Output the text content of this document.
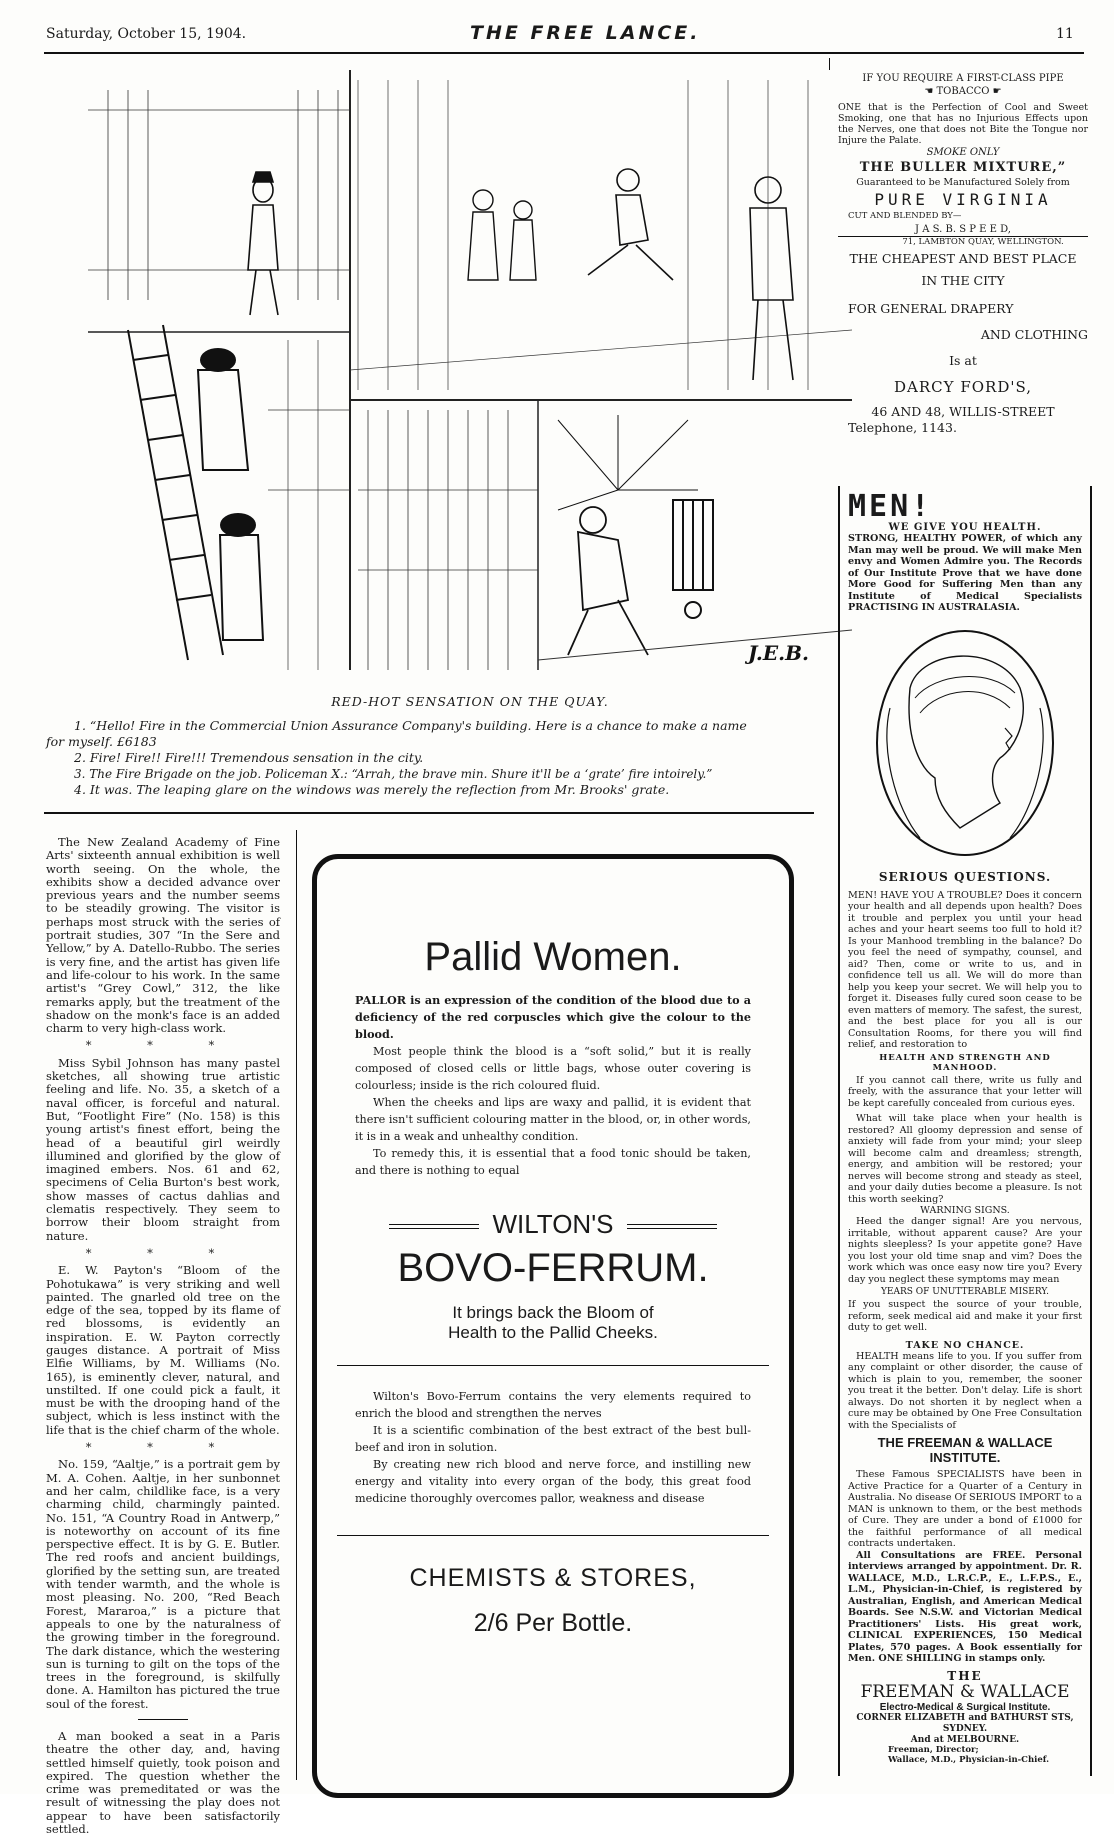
Saturday, October 15, 1904.	THE FREE LANCE.	11
J.E.B.
RED-HOT SENSATION ON THE QUAY.
1. “Hello! Fire in the Commercial Union Assurance Company's building. Here is a chance to make a name
for myself. £6183
2. Fire! Fire!! Fire!!! Tremendous sensation in the city.
3. The Fire Brigade on the job. Policeman X.: “Arrah, the brave min. Shure it'll be a ‘grate’ fire intoirely.”
4. It was. The leaping glare on the windows was merely the reflection from Mr. Brooks' grate.
IF YOU REQUIRE A FIRST-CLASS PIPE
☚ TOBACCO ☛
ONE that is the Perfection of Cool and Sweet Smoking, one that has no Injurious Effects upon the Nerves, one that does not Bite the Tongue nor Injure the Palate.
SMOKE ONLY
THE BULLER MIXTURE,”
Guaranteed to be Manufactured Solely from
PURE VIRGINIA
CUT AND BLENDED BY—
J A S. B. S P E E D,
71, LAMBTON QUAY, WELLINGTON.
THE CHEAPEST AND BEST PLACE
IN THE CITY
FOR GENERAL DRAPERY
AND CLOTHING
Is at
DARCY FORD'S,
46 AND 48, WILLIS-STREET
Telephone, 1143.

The New Zealand Academy of Fine Arts' sixteenth annual exhibition is well worth seeing. On the whole, the exhibits show a decided advance over previous years and the number seems to be steadily growing. The visitor is perhaps most struck with the series of portrait studies, 307 “In the Sere and Yellow,” by A. Datello-Rubbo. The series is very fine, and the artist has given life and life-colour to his work. In the same artist's “Grey Cowl,” 312, the like remarks apply, but the treatment of the shadow on the monk's face is an added charm to very high-class work.

* * *

Miss Sybil Johnson has many pastel sketches, all showing true artistic feeling and life. No. 35, a sketch of a naval officer, is forceful and natural. But, “Footlight Fire” (No. 158) is this young artist's finest effort, being the head of a beautiful girl weirdly illumined and glorified by the glow of imagined embers. Nos. 61 and 62, specimens of Celia Burton's best work, show masses of cactus dahlias and clematis respectively. They seem to borrow their bloom straight from nature.

* * *

E. W. Payton's “Bloom of the Pohotukawa” is very striking and well painted. The gnarled old tree on the edge of the sea, topped by its flame of red blossoms, is evidently an inspiration. E. W. Payton correctly gauges distance. A portrait of Miss Elfie Williams, by M. Williams (No. 165), is eminently clever, natural, and unstilted. If one could pick a fault, it must be with the drooping hand of the subject, which is less instinct with the life that is the chief charm of the whole.

* * *

No. 159, “Aaltje,” is a portrait gem by M. A. Cohen. Aaltje, in her sunbonnet and her calm, childlike face, is a very charming child, charmingly painted. No. 151, “A Country Road in Antwerp,” is noteworthy on account of its fine perspective effect. It is by G. E. Butler. The red roofs and ancient buildings, glorified by the setting sun, are treated with tender warmth, and the whole is most pleasing. No. 200, “Red Beach Forest, Mararoa,” is a picture that appeals to one by the naturalness of the growing timber in the foreground. The dark distance, which the westering sun is turning to gilt on the tops of the trees in the foreground, is skilfully done. A. Hamilton has pictured the true soul of the forest.

A man booked a seat in a Paris theatre the other day, and, having settled himself quietly, took poison and expired. The question whether the crime was premeditated or was the result of witnessing the play does not appear to have been satisfactorily settled.

Pallid Women.
PALLOR is an expression of the condition of the blood due to a deficiency of the red corpuscles which give the colour to the blood.
Most people think the blood is a “soft solid,” but it is really composed of closed cells or little bags, whose outer covering is colourless; inside is the rich coloured fluid.
When the cheeks and lips are waxy and pallid, it is evident that there isn't sufficient colouring matter in the blood, or, in other words, it is in a weak and unhealthy condition.
To remedy this, it is essential that a food tonic should be taken, and there is nothing to equal
WILTON'S
BOVO-FERRUM.
It brings back the Bloom of
Health to the Pallid Cheeks.
Wilton's Bovo-Ferrum contains the very elements required to enrich the blood and strengthen the nerves
It is a scientific combination of the best extract of the best bull-beef and iron in solution.
By creating new rich blood and nerve force, and instilling new energy and vitality into every organ of the body, this great food medicine thoroughly overcomes pallor, weakness and disease
CHEMISTS & STORES,
2/6 Per Bottle.
MEN!
WE GIVE YOU HEALTH.
STRONG, HEALTHY POWER, of which any Man may well be proud. We will make Men envy and Women Admire you. The Records of Our Institute Prove that we have done More Good for Suffering Men than any Institute of Medical Specialists PRACTISING IN AUSTRALASIA.
SERIOUS QUESTIONS.
MEN! HAVE YOU A TROUBLE? Does it concern your health and all depends upon health? Does it trouble and perplex you until your head aches and your heart seems too full to hold it? Is your Manhood trembling in the balance? Do you feel the need of sympathy, counsel, and aid? Then, come or write to us, and in confidence tell us all. We will do more than help you keep your secret. We will help you to forget it. Diseases fully cured soon cease to be even matters of memory. The safest, the surest, and the best place for you all is our Consultation Rooms, for there you will find relief, and restoration to
HEALTH AND STRENGTH AND MANHOOD.
If you cannot call there, write us fully and freely, with the assurance that your letter will be kept carefully concealed from curious eyes.
What will take place when your health is restored? All gloomy depression and sense of anxiety will fade from your mind; your sleep will become calm and dreamless; strength, energy, and ambition will be restored; your nerves will become strong and steady as steel, and your daily duties become a pleasure. Is not this worth seeking?
WARNING SIGNS.
Heed the danger signal! Are you nervous, irritable, without apparent cause? Are your nights sleepless? Is your appetite gone? Have you lost your old time snap and vim? Does the work which was once easy now tire you? Every day you neglect these symptoms may mean
YEARS OF UNUTTERABLE MISERY.
If you suspect the source of your trouble, reform, seek medical aid and make it your first duty to get well.
TAKE NO CHANCE.
HEALTH means life to you. If you suffer from any complaint or other disorder, the cause of which is plain to you, remember, the sooner you treat it the better. Don't delay. Life is short always. Do not shorten it by neglect when a cure may be obtained by One Free Consultation with the Specialists of
THE FREEMAN & WALLACE INSTITUTE.
These Famous SPECIALISTS have been in Active Practice for a Quarter of a Century in Australia. No disease Of SERIOUS IMPORT to a MAN is unknown to them, or the best methods of Cure. They are under a bond of £1000 for the faithful performance of all medical contracts undertaken.
All Consultations are FREE. Personal interviews arranged by appointment. Dr. R. WALLACE, M.D., L.R.C.P., E., L.F.P.S., E., L.M., Physician-in-Chief, is registered by Australian, English, and American Medical Boards. See N.S.W. and Victorian Medical Practitioners' Lists. His great work, CLINICAL EXPERIENCES, 150 Medical Plates, 570 pages. A Book essentially for Men. ONE SHILLING in stamps only.
THE
FREEMAN & WALLACE
Electro-Medical & Surgical Institute.
CORNER ELIZABETH and BATHURST STS, SYDNEY.
And at MELBOURNE.
Freeman, Director;
Wallace, M.D., Physician-in-Chief.
